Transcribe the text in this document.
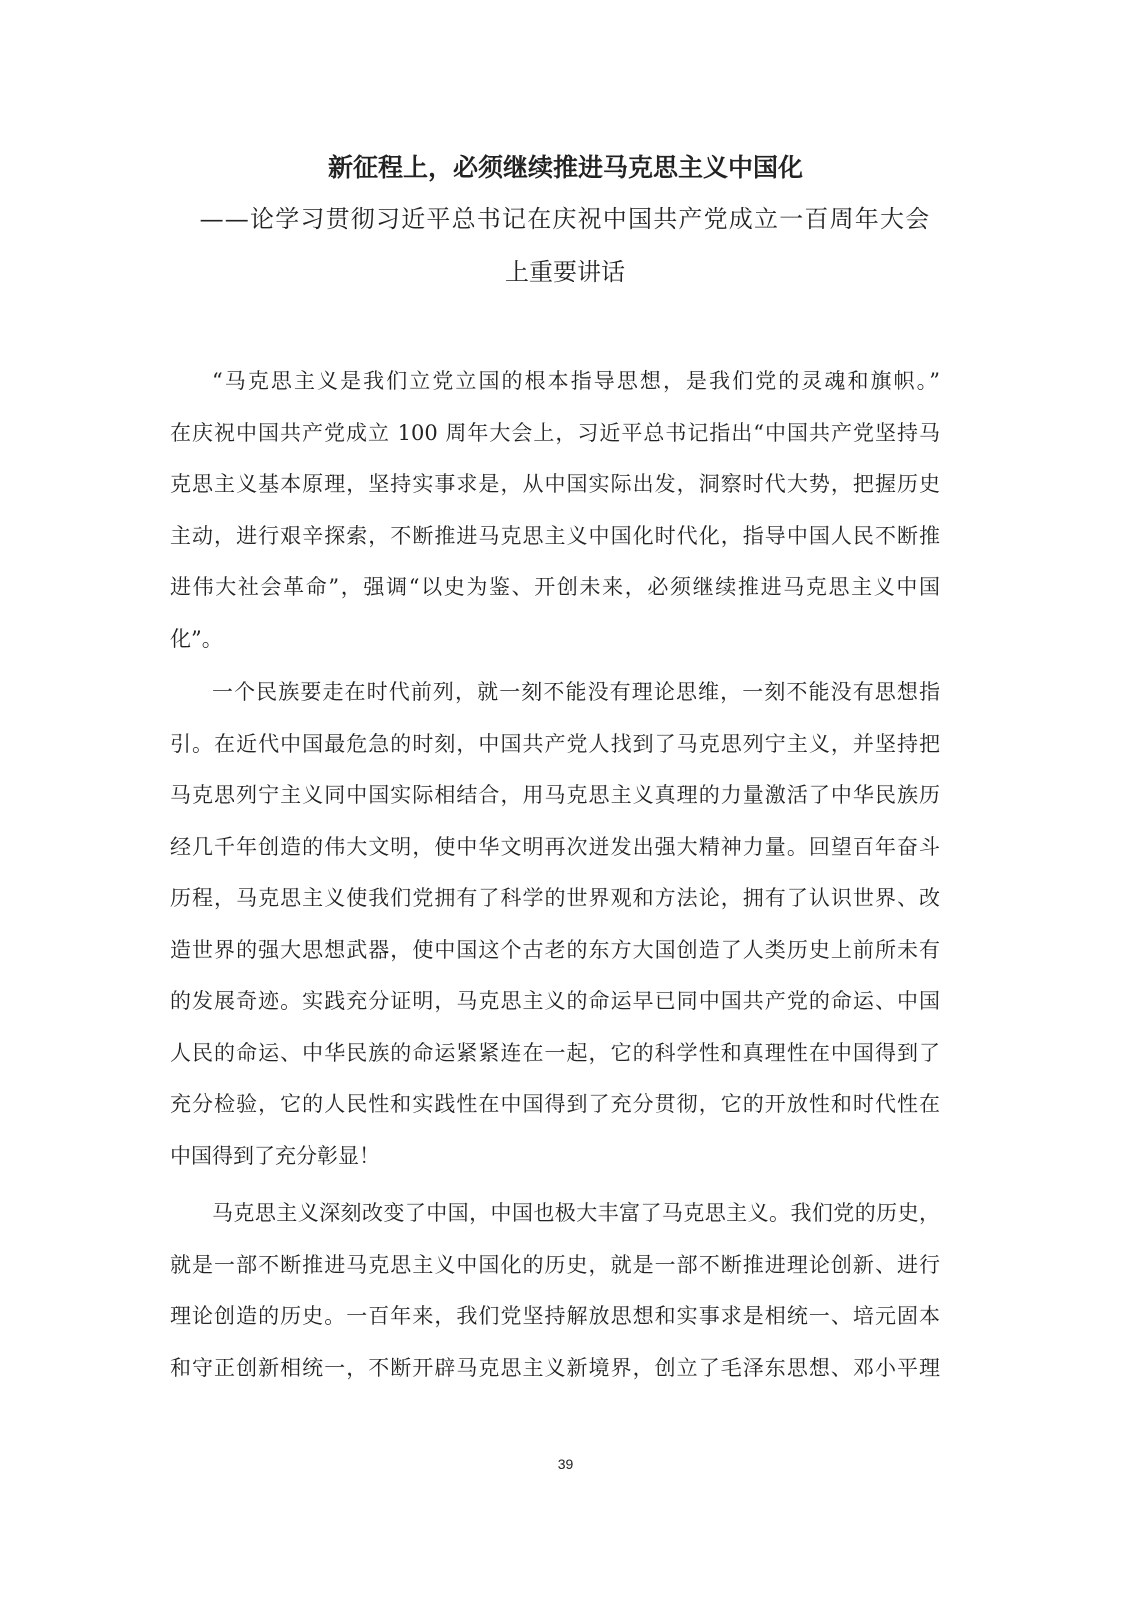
新征程上，必须继续推进马克思主义中国化
——论学习贯彻习近平总书记在庆祝中国共产党成立一百周年大会
上重要讲话
“马克思主义是我们立党立国的根本指导思想，是我们党的灵魂和旗帜。”
在庆祝中国共产党成立 100 周年大会上，习近平总书记指出“中国共产党坚持马
克思主义基本原理，坚持实事求是，从中国实际出发，洞察时代大势，把握历史
主动，进行艰辛探索，不断推进马克思主义中国化时代化，指导中国人民不断推
进伟大社会革命”，强调“以史为鉴、开创未来，必须继续推进马克思主义中国
化”。
一个民族要走在时代前列，就一刻不能没有理论思维，一刻不能没有思想指
引。在近代中国最危急的时刻，中国共产党人找到了马克思列宁主义，并坚持把
马克思列宁主义同中国实际相结合，用马克思主义真理的力量激活了中华民族历
经几千年创造的伟大文明，使中华文明再次迸发出强大精神力量。回望百年奋斗
历程，马克思主义使我们党拥有了科学的世界观和方法论，拥有了认识世界、改
造世界的强大思想武器，使中国这个古老的东方大国创造了人类历史上前所未有
的发展奇迹。实践充分证明，马克思主义的命运早已同中国共产党的命运、中国
人民的命运、中华民族的命运紧紧连在一起，它的科学性和真理性在中国得到了
充分检验，它的人民性和实践性在中国得到了充分贯彻，它的开放性和时代性在
中国得到了充分彰显！
马克思主义深刻改变了中国，中国也极大丰富了马克思主义。我们党的历史，
就是一部不断推进马克思主义中国化的历史，就是一部不断推进理论创新、进行
理论创造的历史。一百年来，我们党坚持解放思想和实事求是相统一、培元固本
和守正创新相统一，不断开辟马克思主义新境界，创立了毛泽东思想、邓小平理
39
